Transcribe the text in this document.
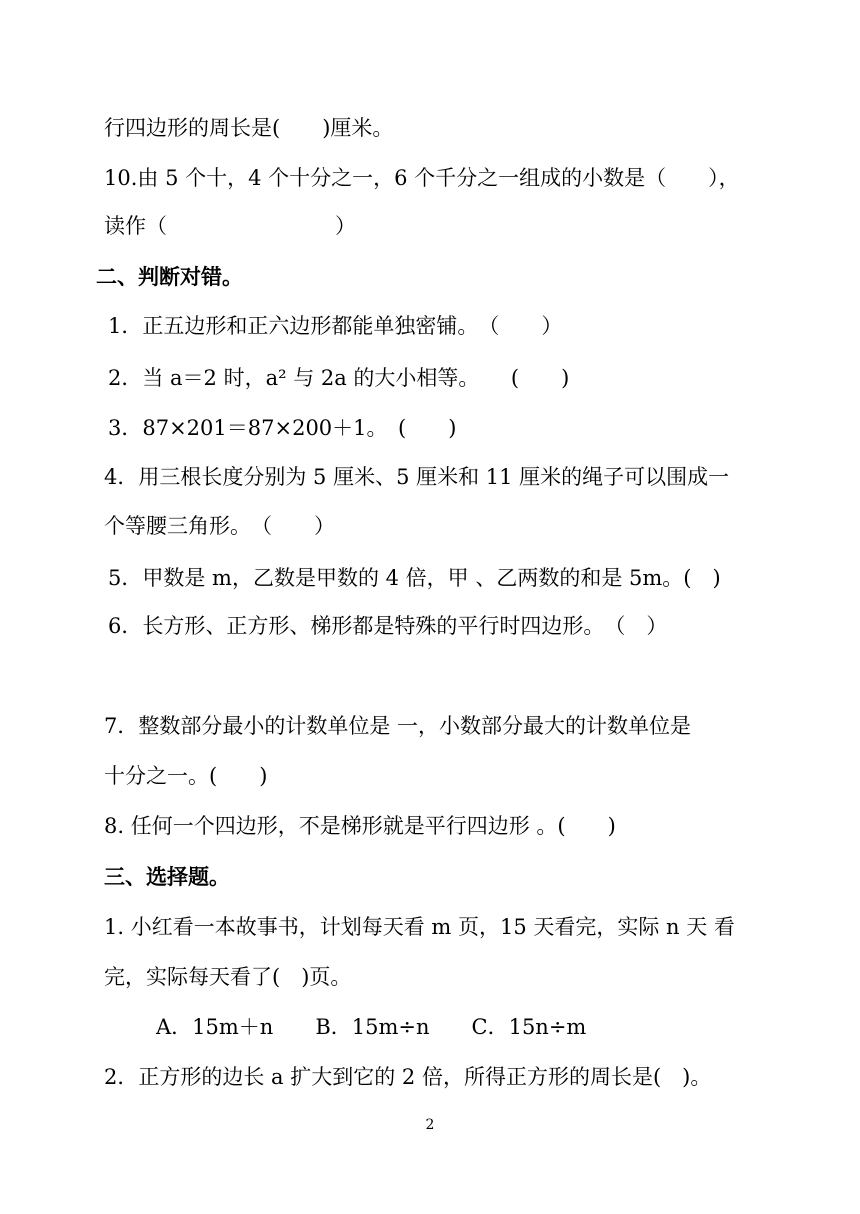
行四边形的周长是(　　)厘米。
10.由 5 个十，4 个十分之一，6 个千分之一组成的小数是（　　），
读作（　　　　　　　　）
二、判断对错。
1．正五边形和正六边形都能单独密铺。　（　　）
2．当 a＝2 时，a² 与 2a 的大小相等。　　(　　)
3．87×201＝87×200＋1。　(　　)
4．用三根长度分别为 5 厘米、5 厘米和 11 厘米的绳子可以围成一
个等腰三角形。　（　　）
5．甲数是 m，乙数是甲数的 4 倍，甲 、乙两数的和是 5m。(　)
6．长方形、正方形、梯形都是特殊的平行时四边形。　（　）
7．整数部分最小的计数单位是 一，小数部分最大的计数单位是
十分之一。(　　)
8. 任何一个四边形，不是梯形就是平行四边形 。(　　)
三、选择题。
1. 小红看一本故事书，计划每天看 m 页，15 天看完，实际 n 天 看
完，实际每天看了(　)页。
A．15m＋n　　B．15m÷n　　C．15n÷m
2．正方形的边长 a 扩大到它的 2 倍，所得正方形的周长是(　)。
2
